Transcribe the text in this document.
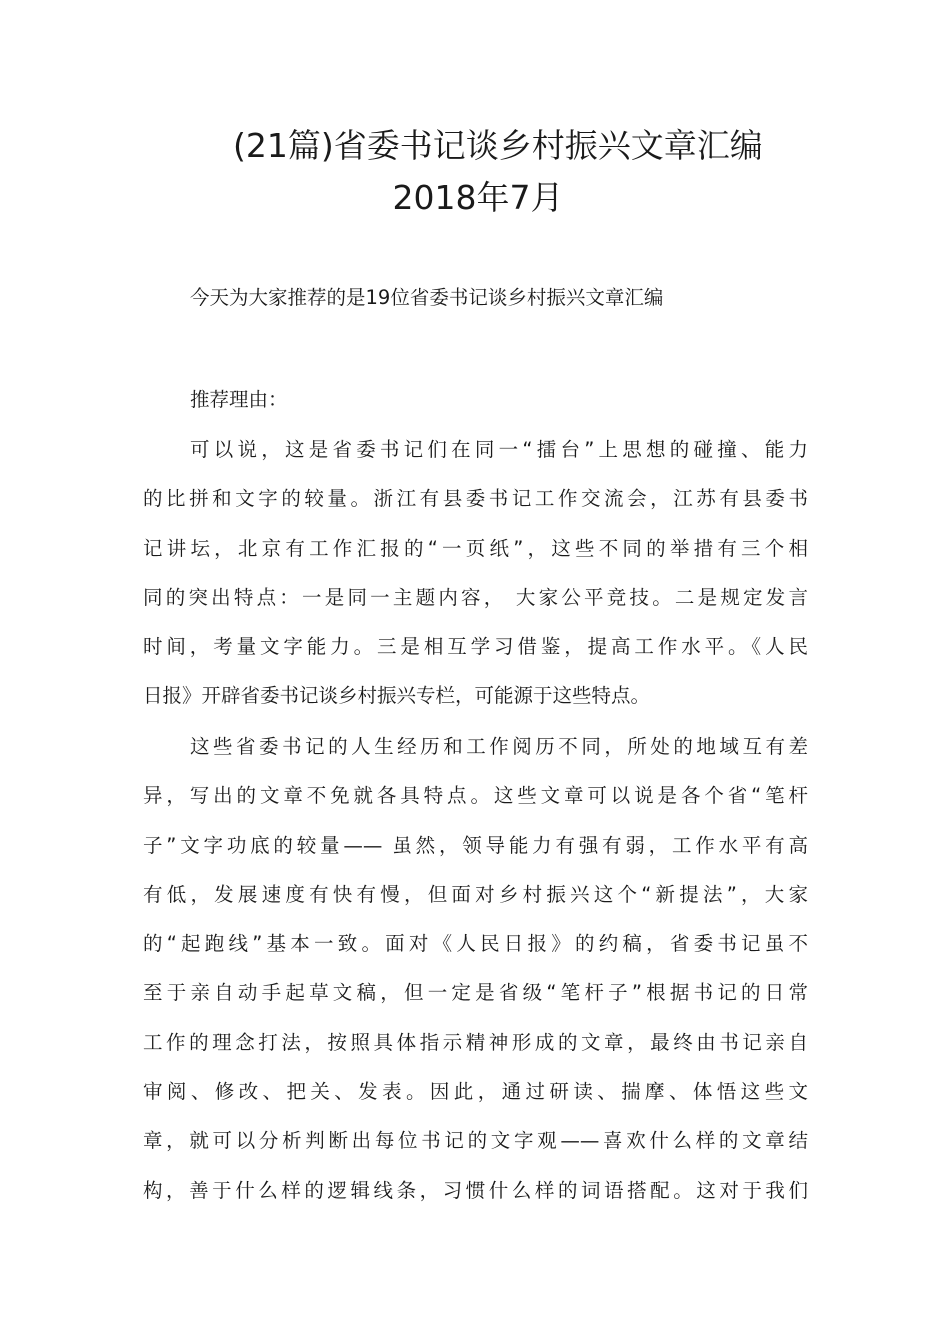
(21篇)省委书记谈乡村振兴文章汇编
2018年7月
今天为大家推荐的是19位省委书记谈乡村振兴文章汇编
推荐理由：
可以说，这是省委书记们在同一“擂台”上思想的碰撞、能力
的比拼和文字的较量。浙江有县委书记工作交流会，江苏有县委书
记讲坛，北京有工作汇报的“一页纸”，这些不同的举措有三个相
同的突出特点：一是同一主题内容， 大家公平竞技。二是规定发言
时间，考量文字能力。三是相互学习借鉴，提高工作水平。《人民
日报》开辟省委书记谈乡村振兴专栏，可能源于这些特点。
这些省委书记的人生经历和工作阅历不同，所处的地域互有差
异，写出的文章不免就各具特点。这些文章可以说是各个省“笔杆
子”文字功底的较量—— 虽然，领导能力有强有弱，工作水平有高
有低，发展速度有快有慢，但面对乡村振兴这个“新提法”，大家
的“起跑线”基本一致。面对《人民日报》的约稿，省委书记虽不
至于亲自动手起草文稿，但一定是省级“笔杆子”根据书记的日常
工作的理念打法，按照具体指示精神形成的文章，最终由书记亲自
审阅、修改、把关、发表。因此，通过研读、揣摩、体悟这些文
章，就可以分析判断出每位书记的文字观——喜欢什么样的文章结
构，善于什么样的逻辑线条，习惯什么样的词语搭配。这对于我们
